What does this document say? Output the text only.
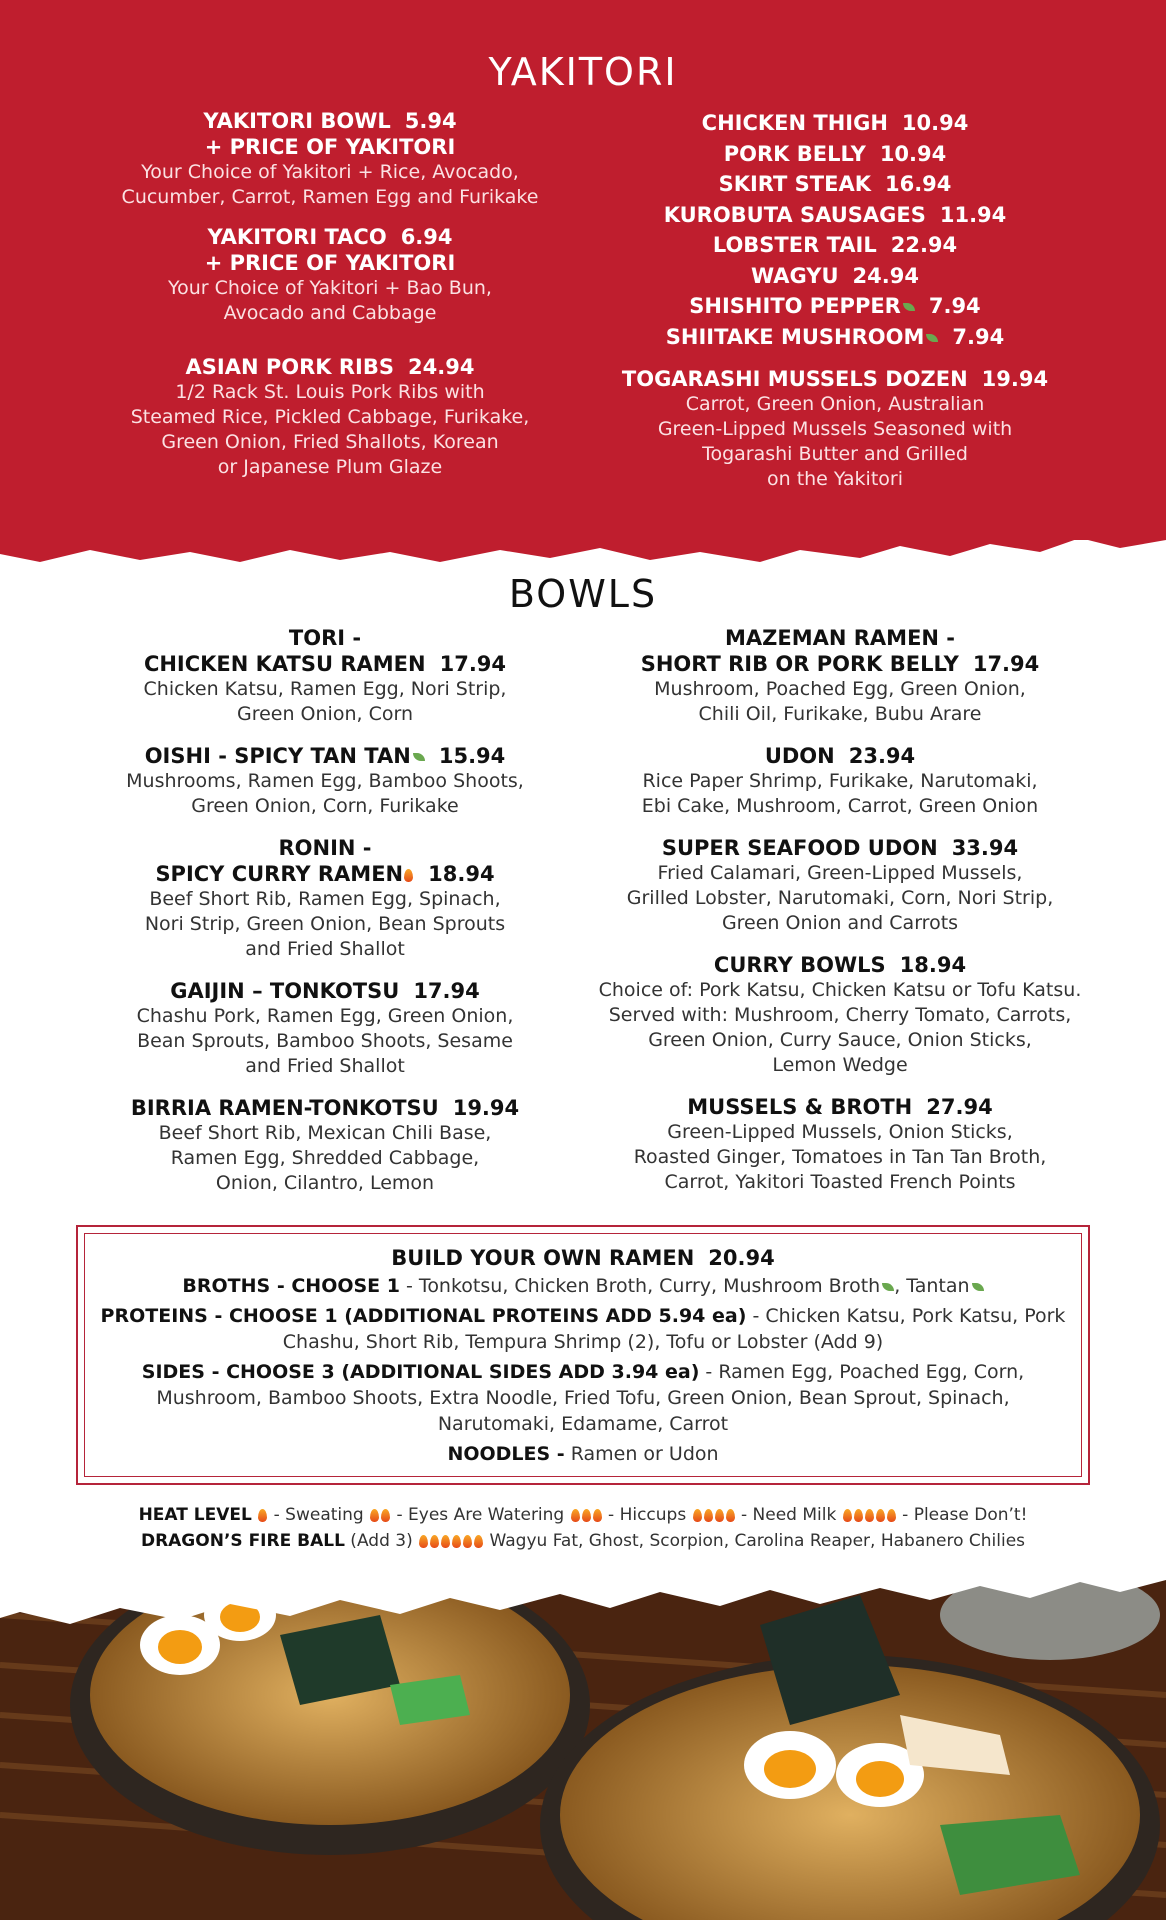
YAKITORI
YAKITORI BOWL 5.94
+ PRICE OF YAKITORI
Your Choice of Yakitori + Rice, Avocado,
Cucumber, Carrot, Ramen Egg and Furikake
YAKITORI TACO 6.94
+ PRICE OF YAKITORI
Your Choice of Yakitori + Bao Bun,
Avocado and Cabbage
ASIAN PORK RIBS 24.94
1/2 Rack St. Louis Pork Ribs with
Steamed Rice, Pickled Cabbage, Furikake,
Green Onion, Fried Shallots, Korean
or Japanese Plum Glaze
CHICKEN THIGH 10.94
PORK BELLY 10.94
SKIRT STEAK 16.94
KUROBUTA SAUSAGES 11.94
LOBSTER TAIL 22.94
WAGYU 24.94
SHISHITO PEPPER 7.94
SHIITAKE MUSHROOM 7.94
TOGARASHI MUSSELS DOZEN 19.94
Carrot, Green Onion, Australian
Green-Lipped Mussels Seasoned with
Togarashi Butter and Grilled
on the Yakitori
BOWLS
TORI -
CHICKEN KATSU RAMEN 17.94
Chicken Katsu, Ramen Egg, Nori Strip,
Green Onion, Corn
OISHI - SPICY TAN TAN 15.94
Mushrooms, Ramen Egg, Bamboo Shoots,
Green Onion, Corn, Furikake
RONIN -
SPICY CURRY RAMEN 18.94
Beef Short Rib, Ramen Egg, Spinach,
Nori Strip, Green Onion, Bean Sprouts
and Fried Shallot
GAIJIN – TONKOTSU 17.94
Chashu Pork, Ramen Egg, Green Onion,
Bean Sprouts, Bamboo Shoots, Sesame
and Fried Shallot
BIRRIA RAMEN-TONKOTSU 19.94
Beef Short Rib, Mexican Chili Base,
Ramen Egg, Shredded Cabbage,
Onion, Cilantro, Lemon
MAZEMAN RAMEN -
SHORT RIB OR PORK BELLY 17.94
Mushroom, Poached Egg, Green Onion,
Chili Oil, Furikake, Bubu Arare
UDON 23.94
Rice Paper Shrimp, Furikake, Narutomaki,
Ebi Cake, Mushroom, Carrot, Green Onion
SUPER SEAFOOD UDON 33.94
Fried Calamari, Green-Lipped Mussels,
Grilled Lobster, Narutomaki, Corn, Nori Strip,
Green Onion and Carrots
CURRY BOWLS 18.94
Choice of: Pork Katsu, Chicken Katsu or Tofu Katsu.
Served with: Mushroom, Cherry Tomato, Carrots,
Green Onion, Curry Sauce, Onion Sticks,
Lemon Wedge
MUSSELS & BROTH 27.94
Green-Lipped Mussels, Onion Sticks,
Roasted Ginger, Tomatoes in Tan Tan Broth,
Carrot, Yakitori Toasted French Points
BUILD YOUR OWN RAMEN 20.94
BROTHS - CHOOSE 1 - Tonkotsu, Chicken Broth, Curry, Mushroom Broth , Tantan
PROTEINS - CHOOSE 1 (ADDITIONAL PROTEINS ADD 5.94 ea) - Chicken Katsu, Pork Katsu, Pork Chashu, Short Rib, Tempura Shrimp (2), Tofu or Lobster (Add 9)
SIDES - CHOOSE 3 (ADDITIONAL SIDES ADD 3.94 ea) - Ramen Egg, Poached Egg, Corn, Mushroom, Bamboo Shoots, Extra Noodle, Fried Tofu, Green Onion, Bean Sprout, Spinach, Narutomaki, Edamame, Carrot
NOODLES - Ramen or Udon
HEAT LEVEL  - Sweating  - Eyes Are Watering  - Hiccups	- Need Milk	- Please Don’t!
DRAGON’S FIRE BALL (Add 3)	Wagyu Fat, Ghost, Scorpion, Carolina Reaper, Habanero Chilies
